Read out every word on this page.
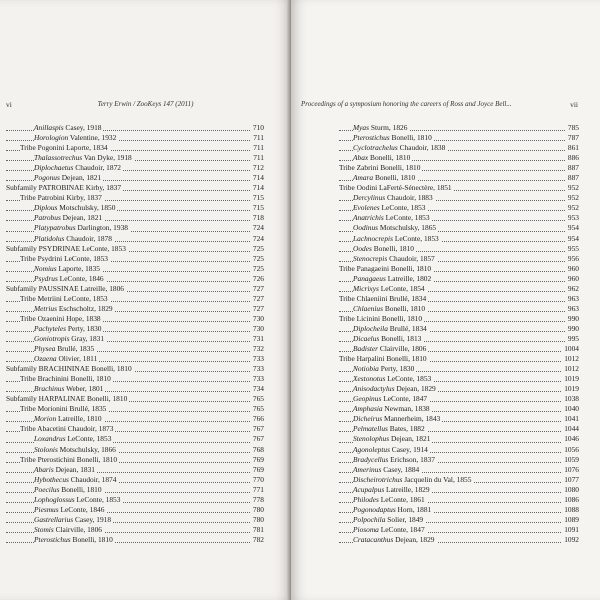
vi	Terry Erwin / ZooKeys 147 (2011)
Anillaspis Casey, 1918	710
Horologion Valentine, 1932	711
Tribe Pogonini Laporte, 1834	711
Thalassotrechus Van Dyke, 1918	711
Diplochaetus Chaudoir, 1872	712
Pogonus Dejean, 1821	714
Subfamily PATROBINAE Kirby, 1837	714
Tribe Patrobini Kirby, 1837	715
Diplous Motschulsky, 1850	715
Patrobus Dejean, 1821	718
Platypatrobus Darlington, 1938	724
Platidolus Chaudoir, 1878	724
Subfamily PSYDRINAE LeConte, 1853	725
Tribe Psydrini LeConte, 1853	725
Nomius Laporte, 1835	725
Psydrus LeConte, 1846	726
Subfamily PAUSSINAE Latreille, 1806	727
Tribe Metriini LeConte, 1853	727
Metrius Eschscholtz, 1829	727
Tribe Ozaenini Hope, 1838	730
Pachyteles Perty, 1830	730
Goniotropis Gray, 1831	731
Physea Brullé, 1835	732
Ozaena Olivier, 1811	733
Subfamily BRACHININAE Bonelli, 1810	733
Tribe Brachinini Bonelli, 1810	733
Brachinus Weber, 1801	734
Subfamily HARPALINAE Bonelli, 1810	765
Tribe Morionini Brullé, 1835	765
Morion Latreille, 1810	766
Tribe Abacetini Chaudoir, 1873	767
Loxandrus LeConte, 1853	767
Stolonis Motschulsky, 1866	768
Tribe Pterostichini Bonelli, 1810	769
Abaris Dejean, 1831	769
Hybothecus Chaudoir, 1874	770
Poecilus Bonelli, 1810	771
Lophoglossus LeConte, 1853	778
Piesmus LeConte, 1846	780
Gastrellarius Casey, 1918	780
Stomis Clairville, 1806	781
Pterostichus Bonelli, 1810	782
Proceedings of a symposium honoring the careers of Ross and Joyce Bell...	vii
Myas Sturm, 1826	785
Pterostichus Bonelli, 1810	787
Cyclotrachelus Chaudoir, 1838	861
Abax Bonelli, 1810	886
Tribe Zabrini Bonelli, 1810	887
Amara Bonelli, 1810	887
Tribe Oodini LaFerté-Sénectère, 1851	952
Dercylinus Chaudoir, 1883	952
Evolenes LeConte, 1853	952
Anatrichis LeConte, 1853	953
Oodinus Motschulsky, 1865	954
Lachnocrepis LeConte, 1853	954
Oodes Bonelli, 1810	955
Stenocrepis Chaudoir, 1857	956
Tribe Panagaeini Bonelli, 1810	960
Panagaeus Latreille, 1802	960
Micrixys LeConte, 1854	962
Tribe Chlaeniini Brullé, 1834	963
Chlaenius Bonelli, 1810	963
Tribe Licinini Bonelli, 1810	990
Diplocheila Brullé, 1834	990
Dicaelus Bonelli, 1813	995
Badister Clairville, 1806	1004
Tribe Harpalini Bonelli, 1810	1012
Notiobia Perty, 1830	1012
Xestonotus LeConte, 1853	1019
Anisodactylus Dejean, 1829	1019
Geopinus LeConte, 1847	1038
Amphasia Newman, 1838	1040
Dicheirus Mannerheim, 1843	1041
Pelmatellus Bates, 1882	1044
Stenolophus Dejean, 1821	1046
Agonoleptus Casey, 1914	1056
Bradycellus Erichson, 1837	1059
Amerinus Casey, 1884	1076
Discheirotrichus Jacquelin du Val, 1855	1077
Acupalpus Latreille, 1829	1080
Philodes LeConte, 1861	1086
Pogonodaptus Horn, 1881	1088
Polpochila Solier, 1849	1089
Piosoma LeConte, 1847	1091
Cratacanthus Dejean, 1829	1092
